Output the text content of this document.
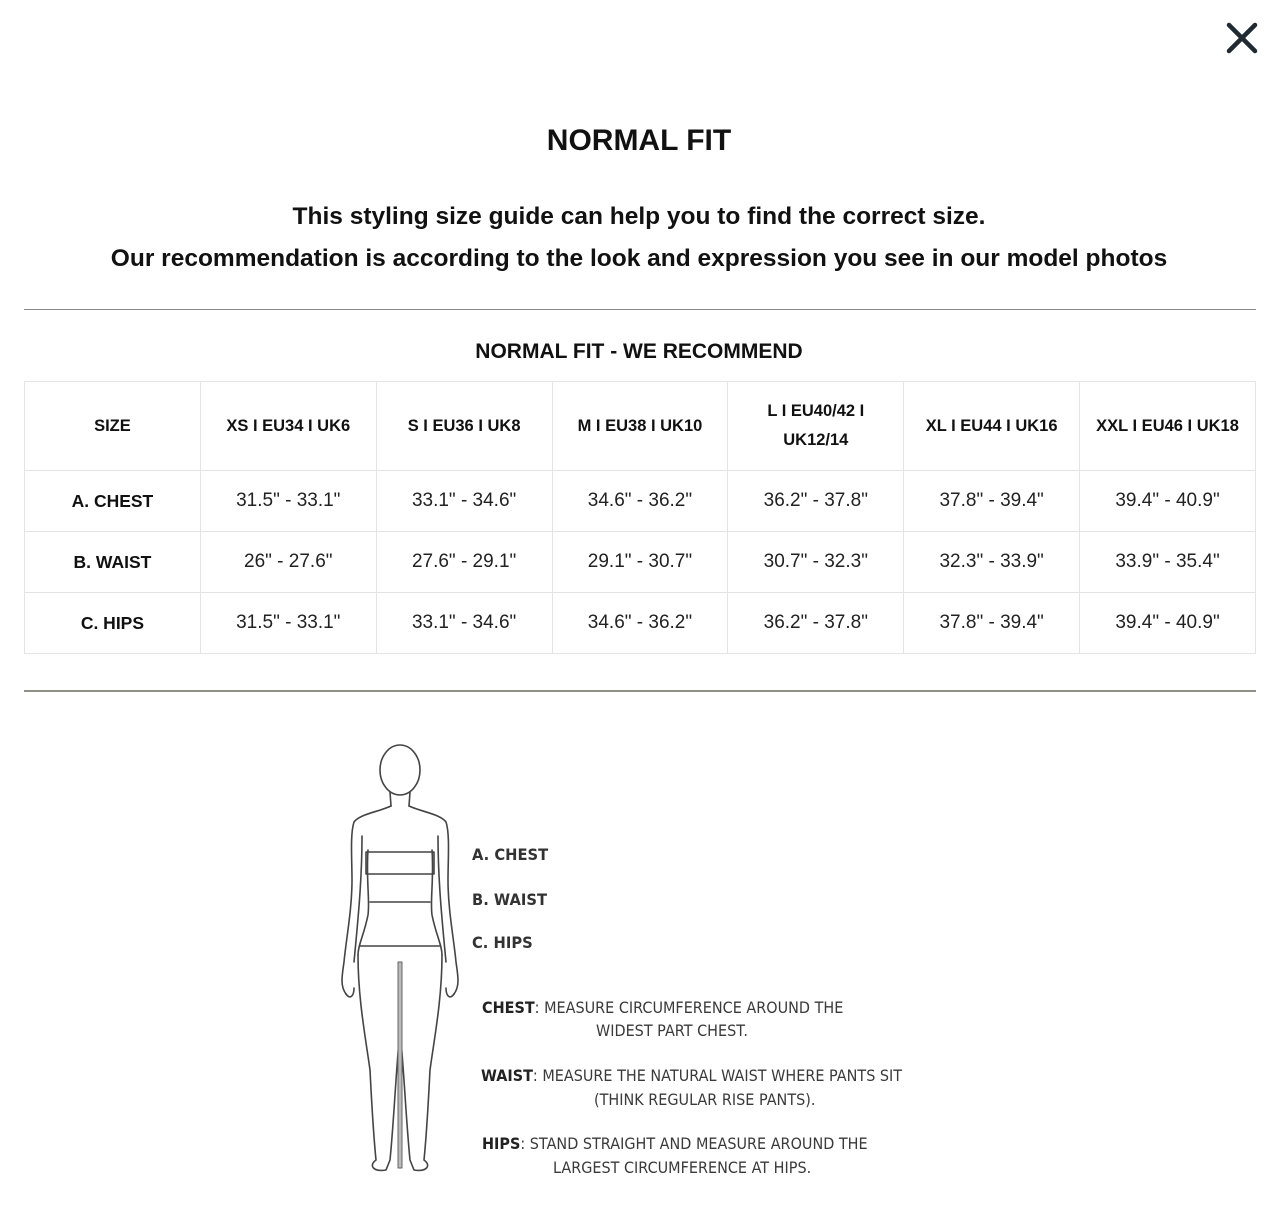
NORMAL FIT
This styling size guide can help you to find the correct size.
Our recommendation is according to the look and expression you see in our model photos
NORMAL FIT - WE RECOMMEND
SIZE	XS I EU34 I UK6	S I EU36 I UK8	M I EU38 I UK10	L I EU40/42 I UK12/14	XL I EU44 I UK16	XXL I EU46 I UK18
A. CHEST	31.5" - 33.1"	33.1" - 34.6"	34.6" - 36.2"	36.2" - 37.8"	37.8" - 39.4"	39.4" - 40.9"
B. WAIST	26" - 27.6"	27.6" - 29.1"	29.1" - 30.7"	30.7" - 32.3"	32.3" - 33.9"	33.9" - 35.4"
C. HIPS	31.5" - 33.1"	33.1" - 34.6"	34.6" - 36.2"	36.2" - 37.8"	37.8" - 39.4"	39.4" - 40.9"
A. CHEST
B. WAIST
C. HIPS
CHEST: MEASURE CIRCUMFERENCE AROUND THE
WIDEST PART CHEST.
WAIST: MEASURE THE NATURAL WAIST WHERE PANTS SIT
(THINK REGULAR RISE PANTS).
HIPS: STAND STRAIGHT AND MEASURE AROUND THE
LARGEST CIRCUMFERENCE AT HIPS.
